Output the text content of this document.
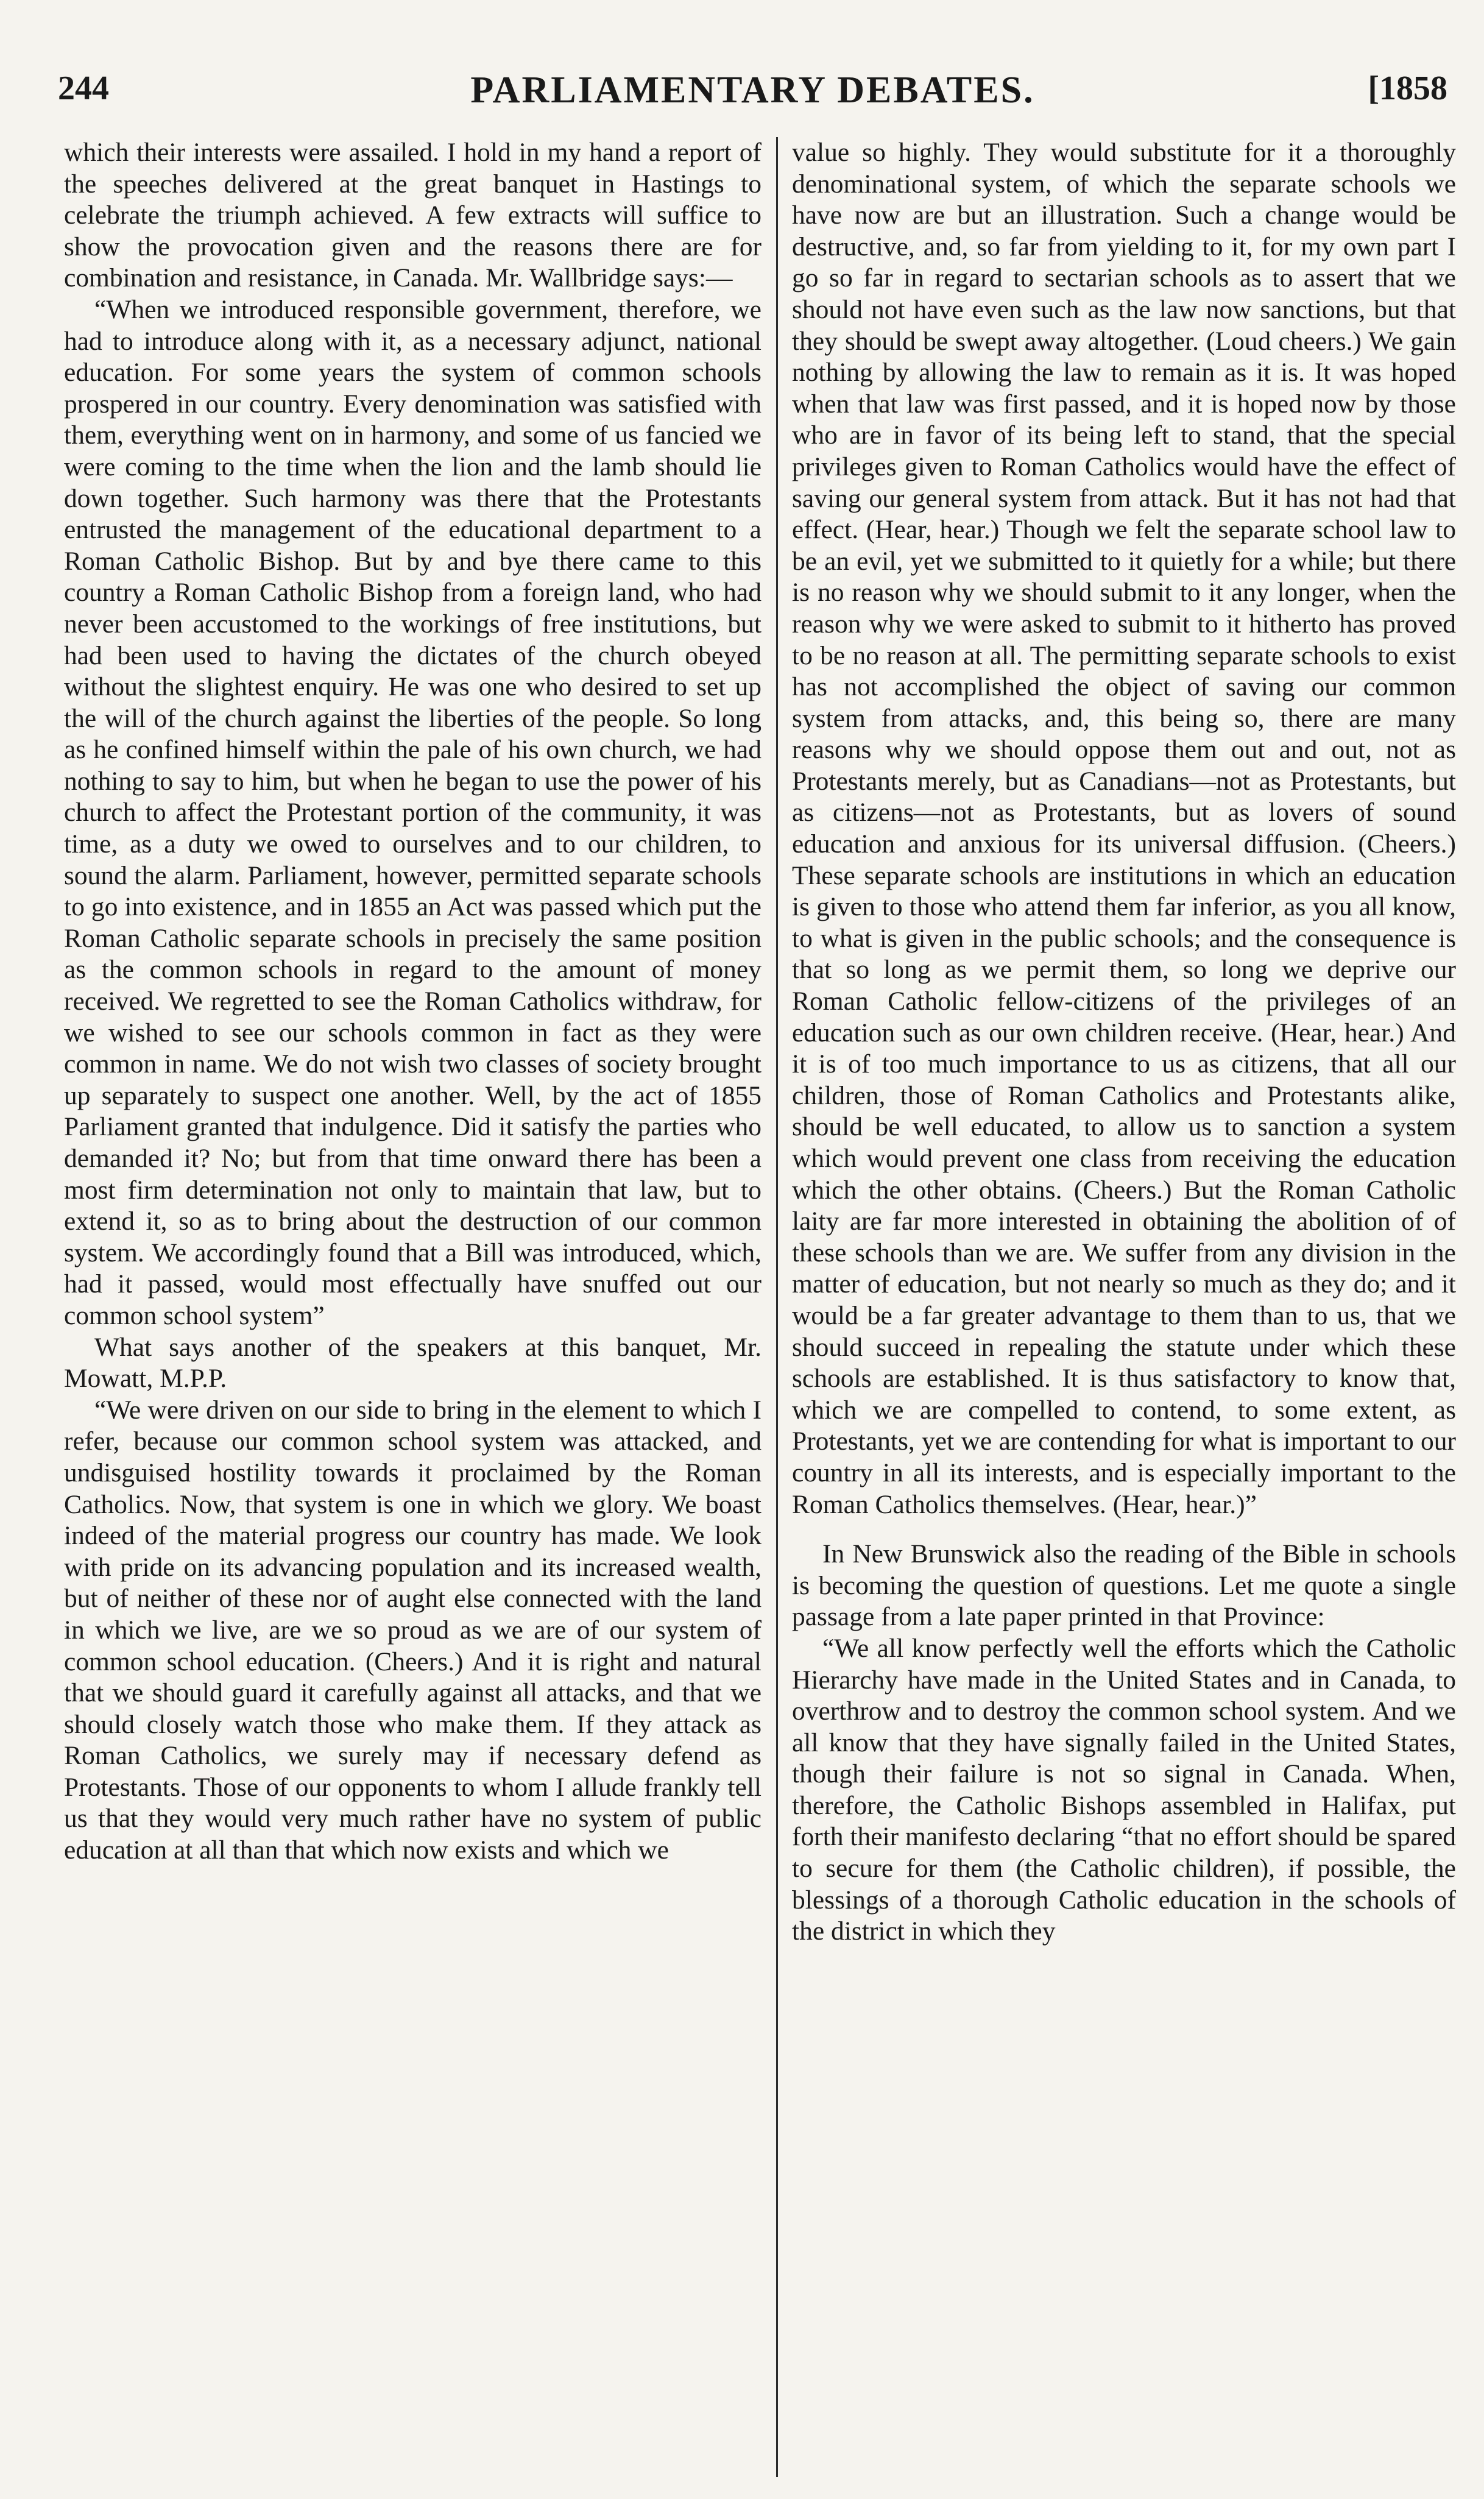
244	PARLIAMENTARY DEBATES.	[1858

which their interests were assailed. I hold in my hand a report of the speeches delivered at the great banquet in Hastings to celebrate the triumph achieved. A few extracts will suffice to show the provocation given and the reasons there are for combination and resistance, in Canada. Mr. Wallbridge says:—

“When we introduced responsible government, therefore, we had to introduce along with it, as a necessary adjunct, national education. For some years the system of common schools prospered in our country. Every denomination was satisfied with them, everything went on in harmony, and some of us fancied we were coming to the time when the lion and the lamb should lie down together. Such harmony was there that the Protestants entrusted the management of the educational department to a Roman Catholic Bishop. But by and bye there came to this country a Roman Catholic Bishop from a foreign land, who had never been accustomed to the workings of free institutions, but had been used to having the dictates of the church obeyed without the slightest enquiry. He was one who desired to set up the will of the church against the liberties of the people. So long as he confined himself within the pale of his own church, we had nothing to say to him, but when he began to use the power of his church to affect the Protestant portion of the community, it was time, as a duty we owed to ourselves and to our children, to sound the alarm. Parliament, however, permitted separate schools to go into existence, and in 1855 an Act was passed which put the Roman Catholic separate schools in precisely the same position as the common schools in regard to the amount of money received. We regretted to see the Roman Catholics withdraw, for we wished to see our schools common in fact as they were common in name. We do not wish two classes of society brought up separately to suspect one another. Well, by the act of 1855 Parliament granted that indulgence. Did it satisfy the parties who demanded it? No; but from that time onward there has been a most firm determination not only to maintain that law, but to extend it, so as to bring about the destruction of our common system. We accordingly found that a Bill was introduced, which, had it passed, would most effectually have snuffed out our common school system”

What says another of the speakers at this banquet, Mr. Mowatt, M.P.P.

“We were driven on our side to bring in the element to which I refer, because our common school system was attacked, and undisguised hostility towards it proclaimed by the Roman Catholics. Now, that system is one in which we glory. We boast indeed of the material progress our country has made. We look with pride on its advancing population and its increased wealth, but of neither of these nor of aught else connected with the land in which we live, are we so proud as we are of our system of common school education. (Cheers.) And it is right and natural that we should guard it carefully against all attacks, and that we should closely watch those who make them. If they attack as Roman Catholics, we surely may if necessary defend as Protestants. Those of our opponents to whom I allude frankly tell us that they would very much rather have no system of public education at all than that which now exists and which we

value so highly. They would substitute for it a thoroughly denominational system, of which the separate schools we have now are but an illustration. Such a change would be destructive, and, so far from yielding to it, for my own part I go so far in regard to sectarian schools as to assert that we should not have even such as the law now sanctions, but that they should be swept away altogether. (Loud cheers.) We gain nothing by allowing the law to remain as it is. It was hoped when that law was first passed, and it is hoped now by those who are in favor of its being left to stand, that the special privileges given to Roman Catholics would have the effect of saving our general system from attack. But it has not had that effect. (Hear, hear.) Though we felt the separate school law to be an evil, yet we submitted to it quietly for a while; but there is no reason why we should submit to it any longer, when the reason why we were asked to submit to it hitherto has proved to be no reason at all. The permitting separate schools to exist has not accomplished the object of saving our common system from attacks, and, this being so, there are many reasons why we should oppose them out and out, not as Protestants merely, but as Canadians—not as Protestants, but as citizens—not as Protestants, but as lovers of sound education and anxious for its universal diffusion. (Cheers.) These separate schools are institutions in which an education is given to those who attend them far inferior, as you all know, to what is given in the public schools; and the consequence is that so long as we permit them, so long we deprive our Roman Catholic fellow-citizens of the privileges of an education such as our own children receive. (Hear, hear.) And it is of too much importance to us as citizens, that all our children, those of Roman Catholics and Protestants alike, should be well educated, to allow us to sanction a system which would prevent one class from receiving the education which the other obtains. (Cheers.) But the Roman Catholic laity are far more interested in obtaining the abolition of of these schools than we are. We suffer from any division in the matter of education, but not nearly so much as they do; and it would be a far greater advantage to them than to us, that we should succeed in repealing the statute under which these schools are established. It is thus satisfactory to know that, which we are compelled to contend, to some extent, as Protestants, yet we are contending for what is important to our country in all its interests, and is especially important to the Roman Catholics themselves. (Hear, hear.)”

In New Brunswick also the reading of the Bible in schools is becoming the question of questions. Let me quote a single passage from a late paper printed in that Province:

“We all know perfectly well the efforts which the Catholic Hierarchy have made in the United States and in Canada, to overthrow and to destroy the common school system. And we all know that they have signally failed in the United States, though their failure is not so signal in Canada. When, therefore, the Catholic Bishops assembled in Halifax, put forth their manifesto declaring “that no effort should be spared to secure for them (the Catholic children), if possible, the blessings of a thorough Catholic education in the schools of the district in which they
